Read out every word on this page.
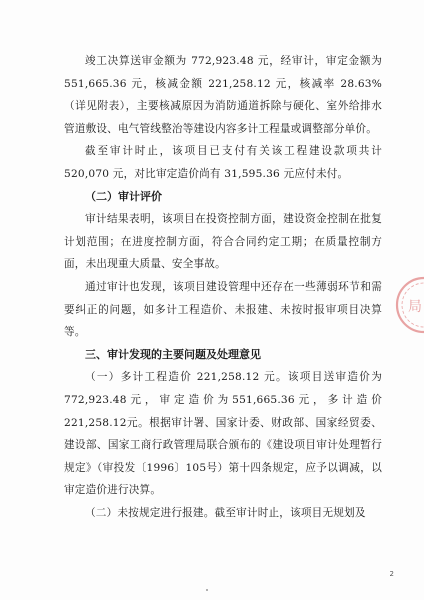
竣工决算送审金额为 772,923.48 元，经审计，审定金额为 551,665.36 元，核减金额 221,258.12 元，核减率 28.63%（详见附表），主要核减原因为消防通道拆除与硬化、室外给排水管道敷设、电气管线整治等建设内容多计工程量或调整部分单价。

截至审计时止，该项目已支付有关该工程建设款项共计 520,070 元，对比审定造价尚有 31,595.36 元应付未付。

（二）审计评价

审计结果表明，该项目在投资控制方面，建设资金控制在批复计划范围；在进度控制方面，符合合同约定工期；在质量控制方面，未出现重大质量、安全事故。

通过审计也发现，该项目建设管理中还存在一些薄弱环节和需要纠正的问题，如多计工程造价、未报建、未按时报审项目决算等。

三、审计发现的主要问题及处理意见

（一）多计工程造价 221,258.12 元。该项目送审造价为772,923.48元，审定造价为551,665.36元，多计造价221,258.12元。根据审计署、国家计委、财政部、国家经贸委、建设部、国家工商行政管理局联合颁布的《建设项目审计处理暂行规定》（审投发〔1996〕105号）第十四条规定，应予以调减，以审定造价进行决算。

（二）未按规定进行报建。截至审计时止，该项目无规划及

局
2
